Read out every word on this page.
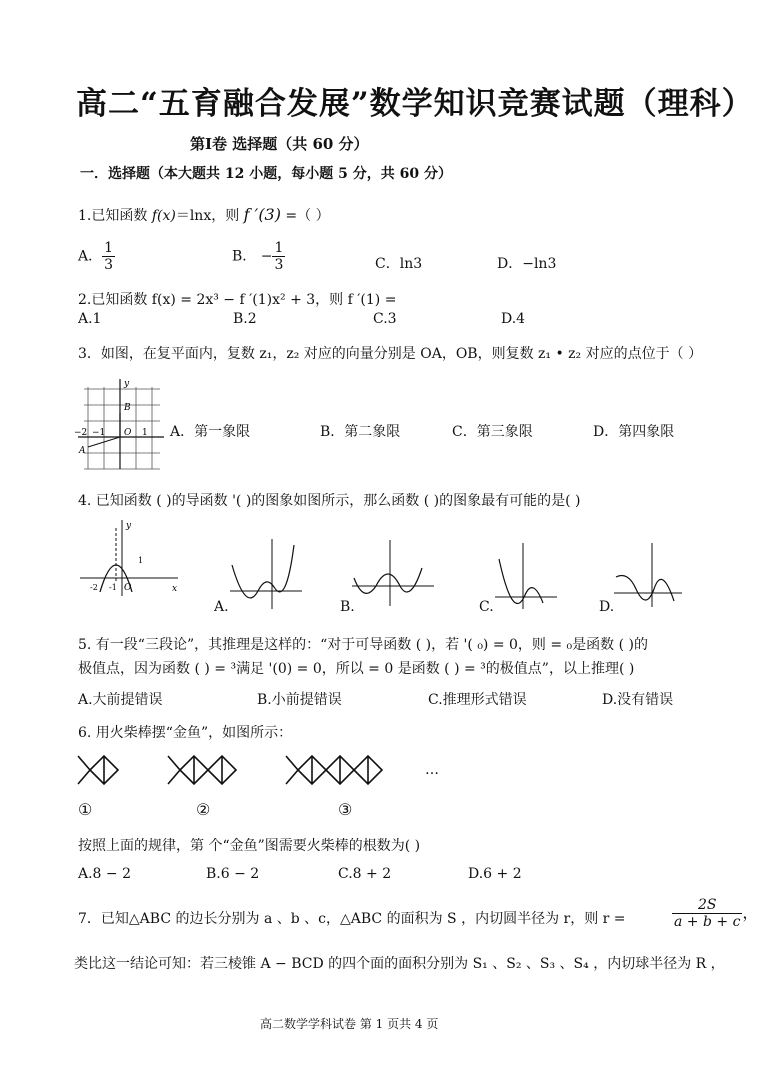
高二“五育融合发展”数学知识竞赛试题（理科）
第Ⅰ卷 选择题（共 60 分）
一．选择题（本大题共 12 小题，每小题 5 分，共 60 分）
1.已知函数 f(x)＝lnx，则 f ′(3) =（ ）
A． $\frac{1}{3}$	B． − $\frac{1}{3}$	C．ln3	D．−ln3
2.已知函数 f(x) = 2x³ − f ′(1)x² + 3，则 f ′(1) =
A.1	B.2	C.3	D.4
3．如图，在复平面内，复数 z₁，z₂ 对应的向量分别是 OA，OB，则复数 z₁ • z₂ 对应的点位于（ ）
y
B
A
O
−2 −1	1 A．第一象限	B．第二象限	C．第三象限	D．第四象限
4. 已知函数 ( )的导函数 '( )的图象如图所示，那么函数 ( )的图象最有可能的是( )
y
x
O
-2 -1
1
A.	B.	C.	D.
5. 有一段“三段论”，其推理是这样的：“对于可导函数 ( )，若 '( ₀) = 0，则 = ₀是函数 ( )的
极值点，因为函数 ( ) = ³满足 '(0) = 0，所以 = 0 是函数 ( ) = ³的极值点”，以上推理( )
A.大前提错误	B.小前提错误	C.推理形式错误	D.没有错误
6. 用火柴棒摆“金鱼”，如图所示：
…
①	②	③
按照上面的规律，第 个“金鱼”图需要火柴棒的根数为( )
A.8 − 2	B.6 − 2	C.8 + 2	D.6 + 2
7．已知△ABC 的边长分别为 a 、b 、c，△ABC 的面积为 S ，内切圆半径为 r，则 r =	$\frac{2S}{a + b + c}$ ，
类比这一结论可知：若三棱锥 A − BCD 的四个面的面积分别为 S₁ 、S₂ 、S₃ 、S₄ ，内切球半径为 R ，
高二数学学科试卷 第 1 页共 4 页
